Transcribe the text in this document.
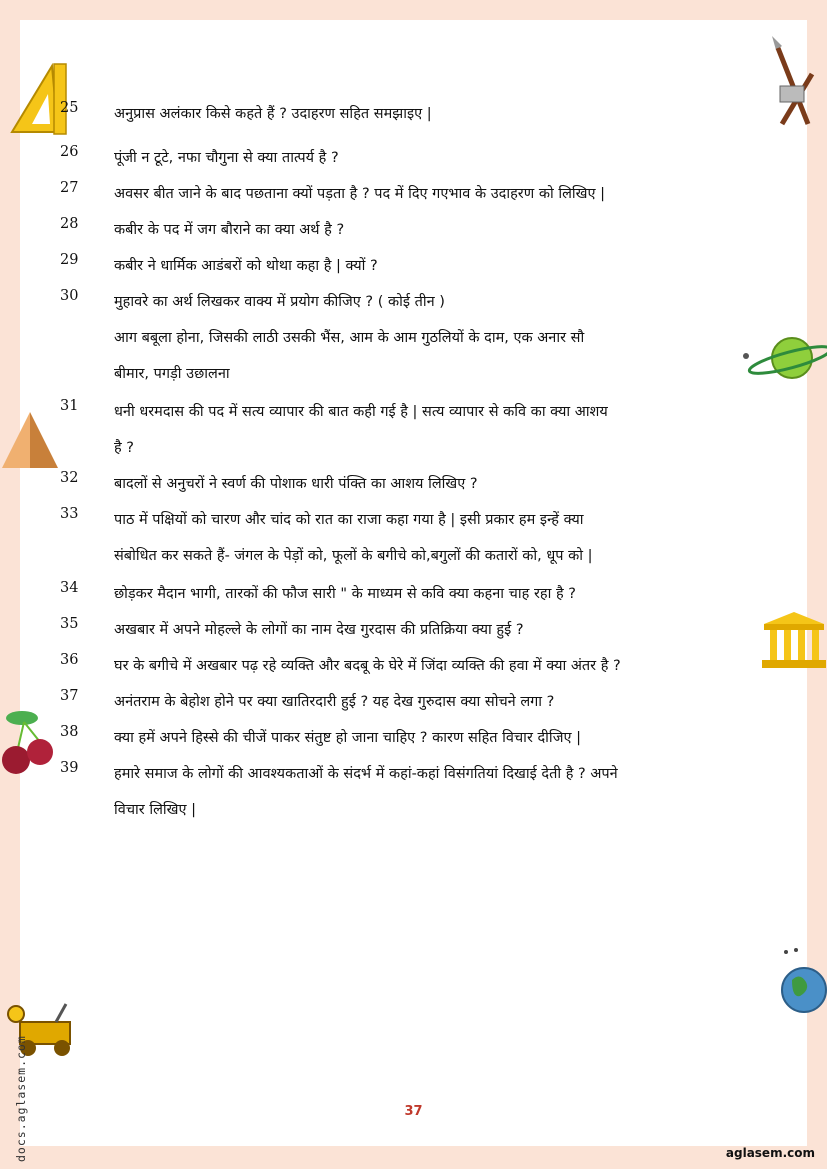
docs.aglasem.com
25	अनुप्रास अलंकार किसे कहते हैं ? उदाहरण सहित समझाइए |
26	पूंजी न टूटे, नफा चौगुना से क्या तात्पर्य है ?
27	अवसर बीत जाने के बाद पछताना क्यों पड़ता है ? पद में दिए गएभाव के उदाहरण को लिखिए |
28	कबीर के पद में जग बौराने का क्या अर्थ है ?
29	कबीर ने धार्मिक आडंबरों को थोथा कहा है | क्यों ?
30	मुहावरे का अर्थ लिखकर वाक्य में प्रयोग कीजिए ? ( कोई तीन )
आग बबूला होना, जिसकी लाठी उसकी भैंस, आम के आम गुठलियों के दाम, एक अनार सौ
बीमार, पगड़ी उछालना
31	धनी धरमदास की पद में सत्य व्यापार की बात कही गई है | सत्य व्यापार से कवि का क्या आशय
है ?
32	बादलों से अनुचरों ने स्वर्ण की पोशाक धारी पंक्ति का आशय लिखिए ?
33	पाठ में पक्षियों को चारण और चांद को रात का राजा कहा गया है | इसी प्रकार हम इन्हें क्या
संबोधित कर सकते हैं- जंगल के पेड़ों को, फूलों के बगीचे को,बगुलों की कतारों को, धूप को |
34	छोड़कर मैदान भागी, तारकों की फौज सारी " के माध्यम से कवि क्या कहना चाह रहा है ?
35	अखबार में अपने मोहल्ले के लोगों का नाम देख गुरदास की प्रतिक्रिया क्या हुई ?
36	घर के बगीचे में अखबार पढ़ रहे व्यक्ति और बदबू के घेरे में जिंदा व्यक्ति की हवा में क्या अंतर है ?
37	अनंतराम के बेहोश होने पर क्या खातिरदारी हुई ? यह देख गुरुदास क्या सोचने लगा ?
38	क्या हमें अपने हिस्से की चीजें पाकर संतुष्ट हो जाना चाहिए ? कारण सहित विचार दीजिए |
39	हमारे समाज के लोगों की आवश्यकताओं के संदर्भ में कहां-कहां विसंगतियां दिखाई देती है ? अपने
विचार लिखिए |
37
aglasem.com
